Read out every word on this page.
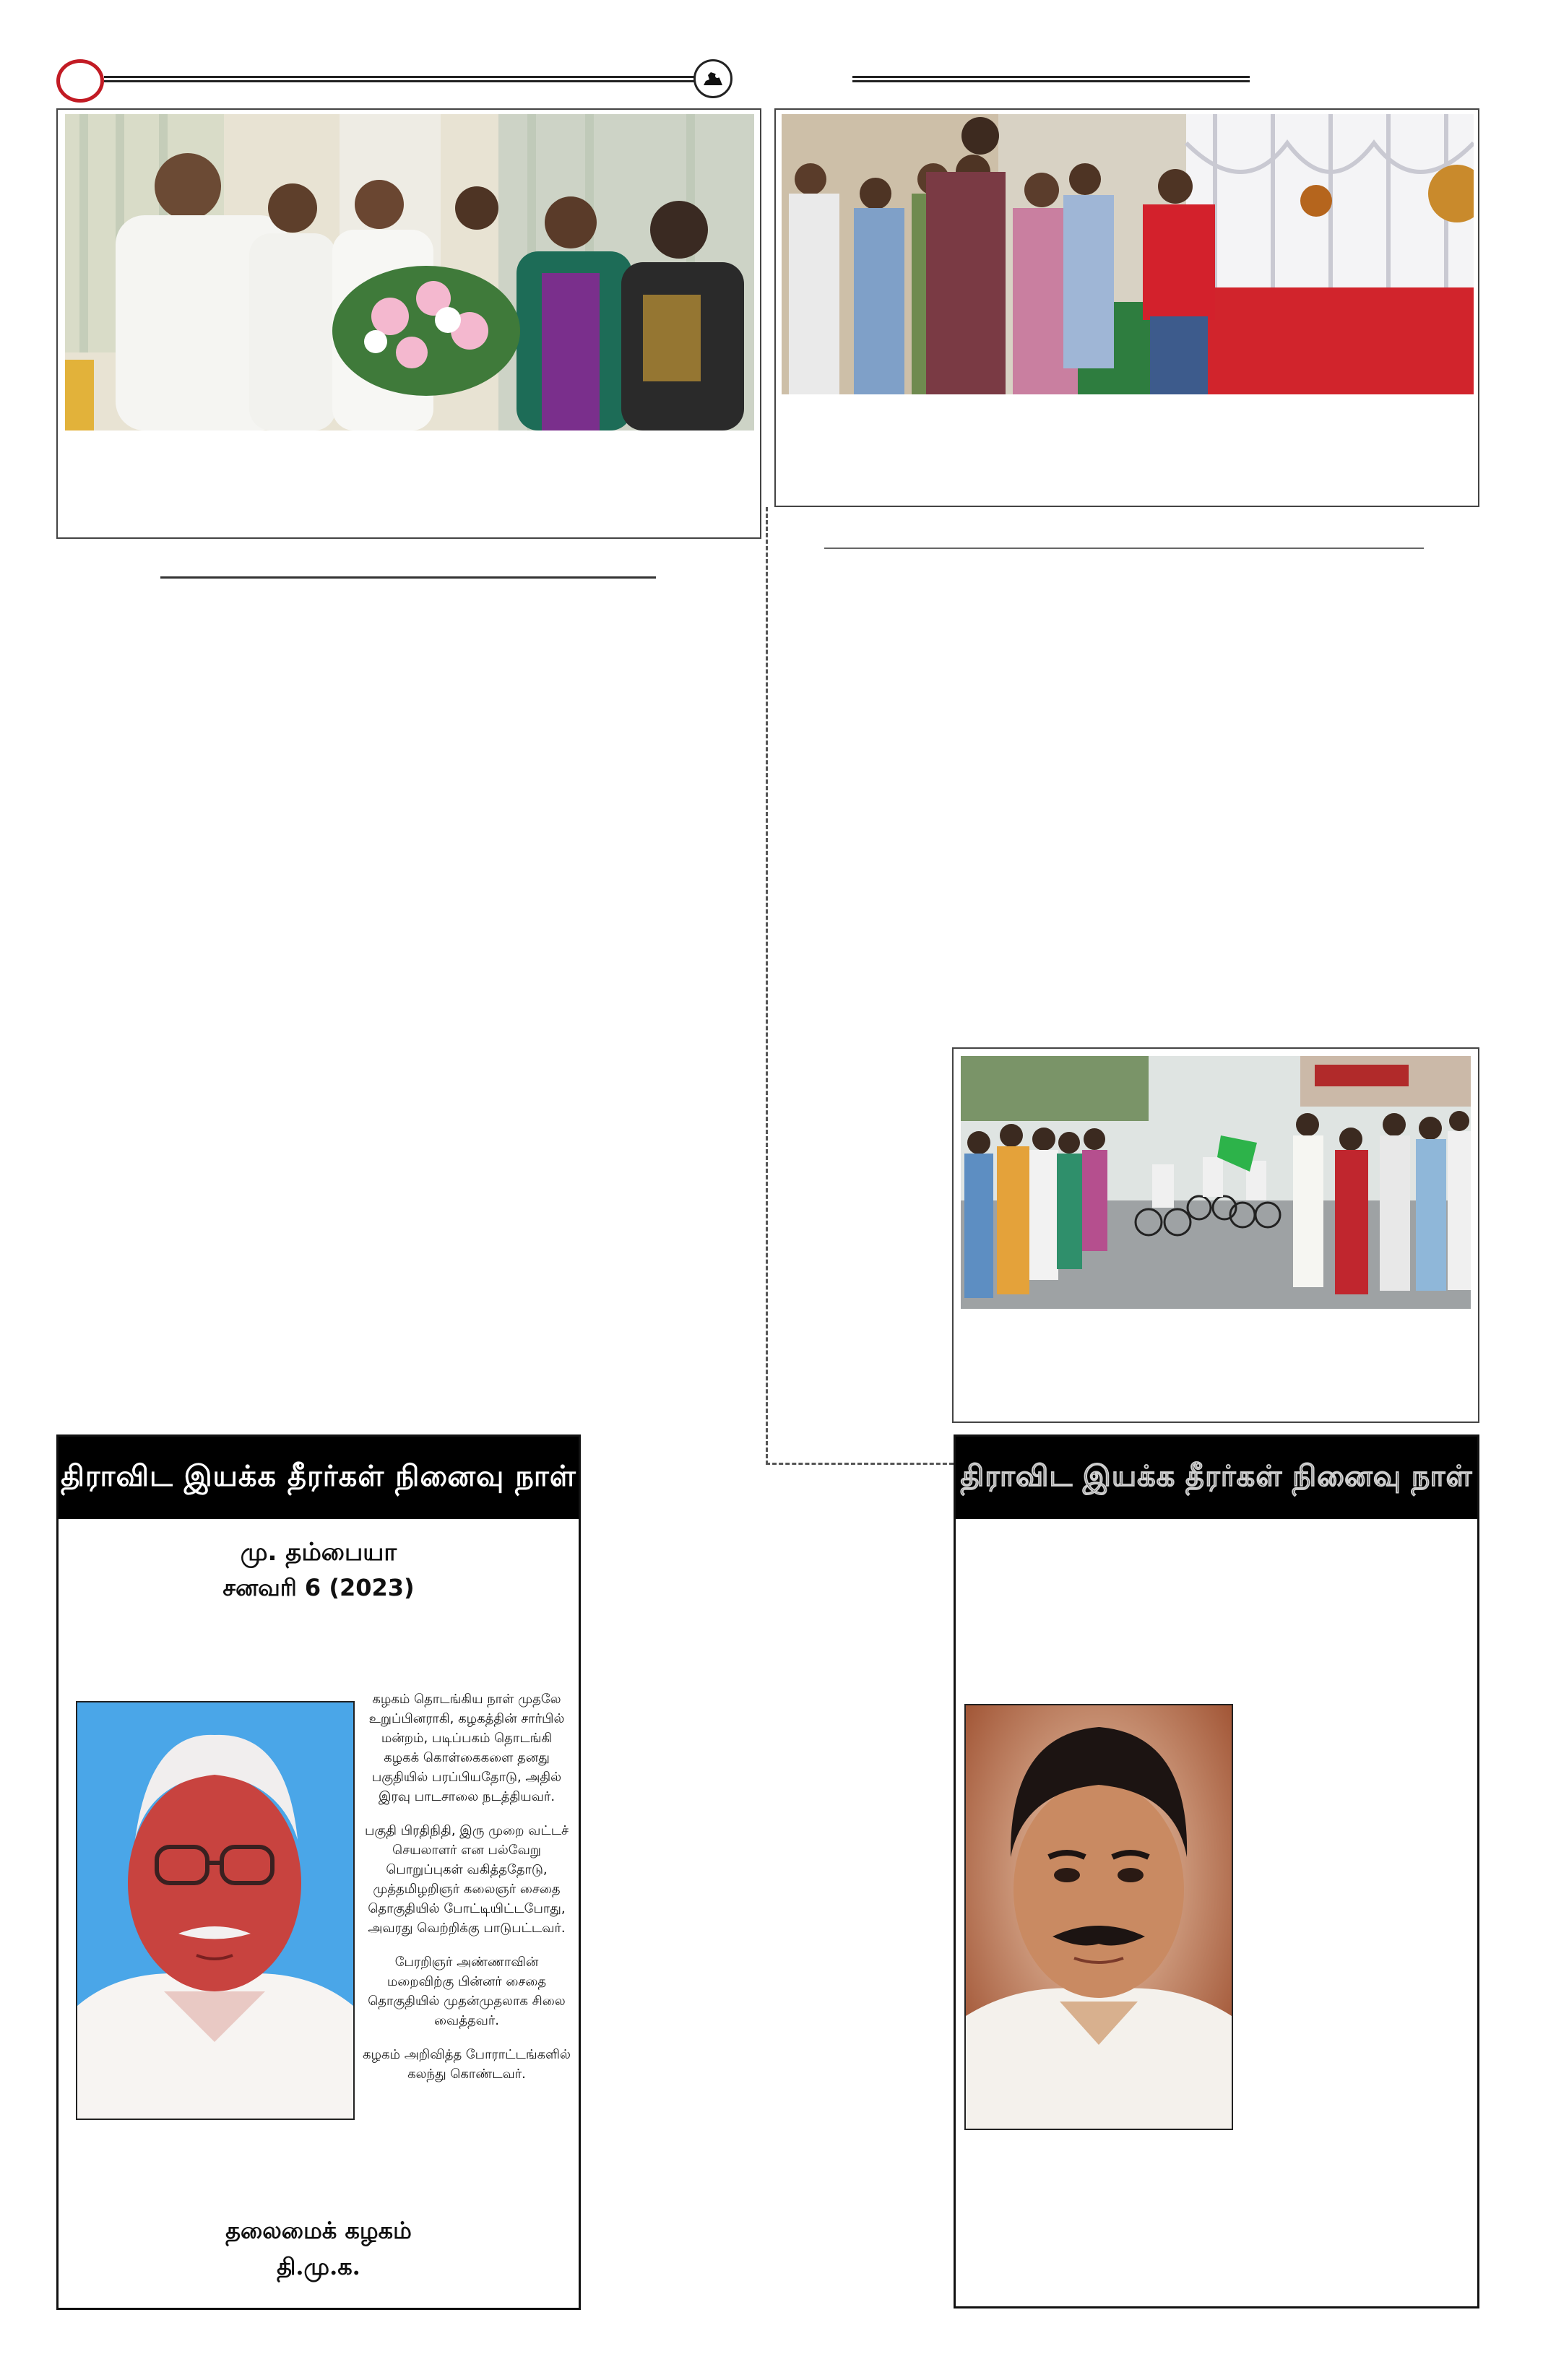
திராவிட இயக்க தீரர்கள் நினைவு நாள்
மு. தம்பையா
சனவரி 6 (2023)

கழகம் தொடங்கிய நாள் முதலே உறுப்பினராகி, கழகத்தின் சார்பில் மன்றம், படிப்பகம் தொடங்கி கழகக் கொள்கைகளை தனது பகுதியில் பரப்பியதோடு, அதில் இரவு பாடசாலை நடத்தியவர்.

பகுதி பிரதிநிதி, இரு முறை வட்டச் செயலாளர் என பல்வேறு பொறுப்புகள் வகித்ததோடு, முத்தமிழறிஞர் கலைஞர் சைதை தொகுதியில் போட்டியிட்டபோது, அவரது வெற்றிக்கு பாடுபட்டவர்.

பேரறிஞர் அண்ணாவின் மறைவிற்கு பின்னர் சைதை தொகுதியில் முதன்முதலாக சிலை வைத்தவர்.

கழகம் அறிவித்த போராட்டங்களில் கலந்து கொண்டவர்.

தலைமைக் கழகம்
தி.மு.க.
திராவிட இயக்க தீரர்கள் நினைவு நாள்
